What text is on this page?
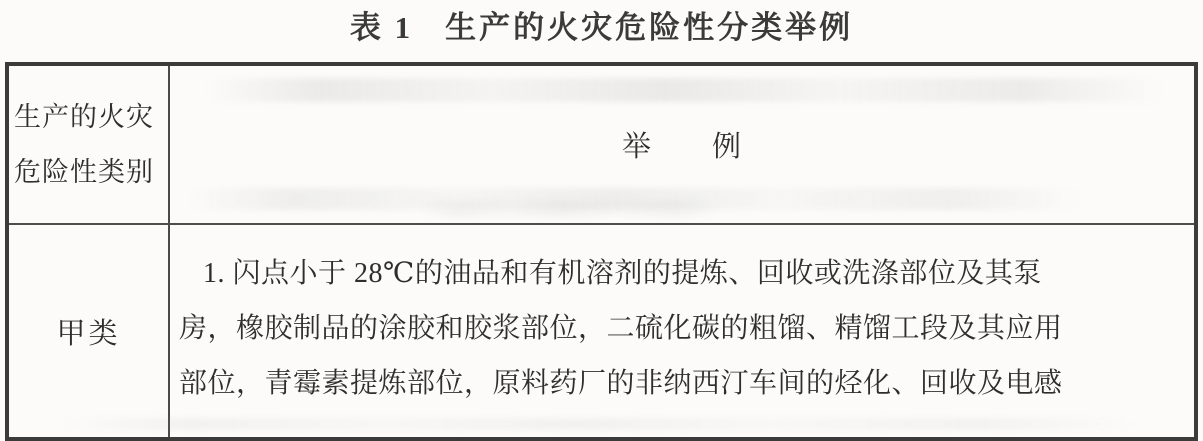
表 1 生产的火灾危险性分类举例
生产的火灾
危险性类别
举　　例
甲类
1. 闪点小于 28℃的油品和有机溶剂的提炼、回收或洗涤部位及其泵
房，橡胶制品的涂胶和胶浆部位，二硫化碳的粗馏、精馏工段及其应用
部位，青霉素提炼部位，原料药厂的非纳西汀车间的烃化、回收及电感
